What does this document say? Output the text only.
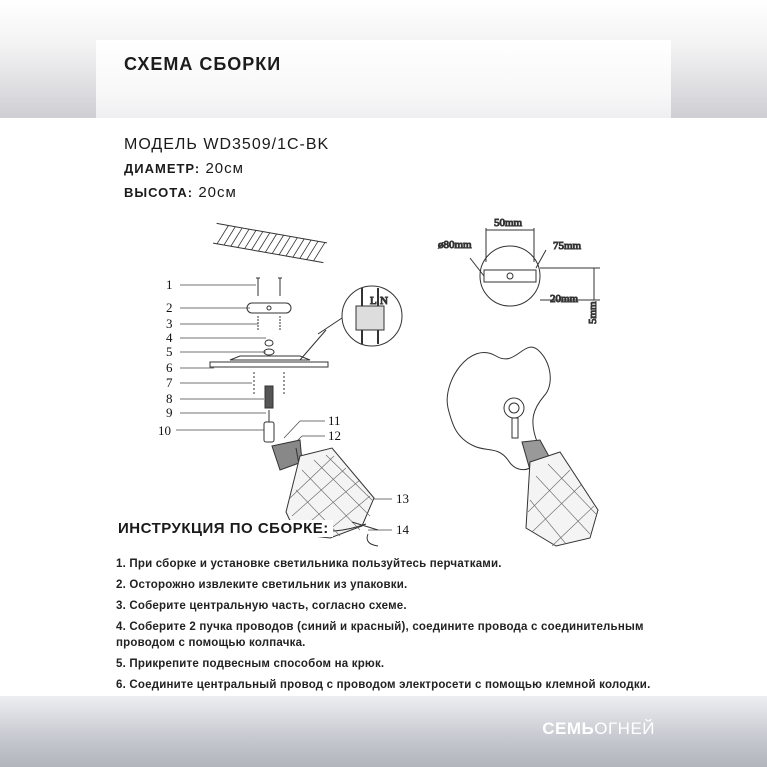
СХЕМА СБОРКИ
МОДЕЛЬ WD3509/1C-BK
ДИАМЕТР: 20см
ВЫСОТА: 20см
1
2
3
4
5
6
7
8
9
10
11
12
13
14
L N
50mm
ø80mm	75mm
20mm
5mm
ИНСТРУКЦИЯ ПО СБОРКЕ:
1. При сборке и установке светильника пользуйтесь перчатками.
2. Осторожно извлеките светильник из упаковки.
3. Соберите центральную часть, согласно схеме.
4. Соберите 2 пучка проводов (синий и красный), соедините провода с соединительным проводом с помощью колпачка.
5. Прикрепите подвесным способом на крюк.
6. Соедините центральный провод с проводом электросети с помощью клемной колодки.
СЕМЬОГНЕЙ
